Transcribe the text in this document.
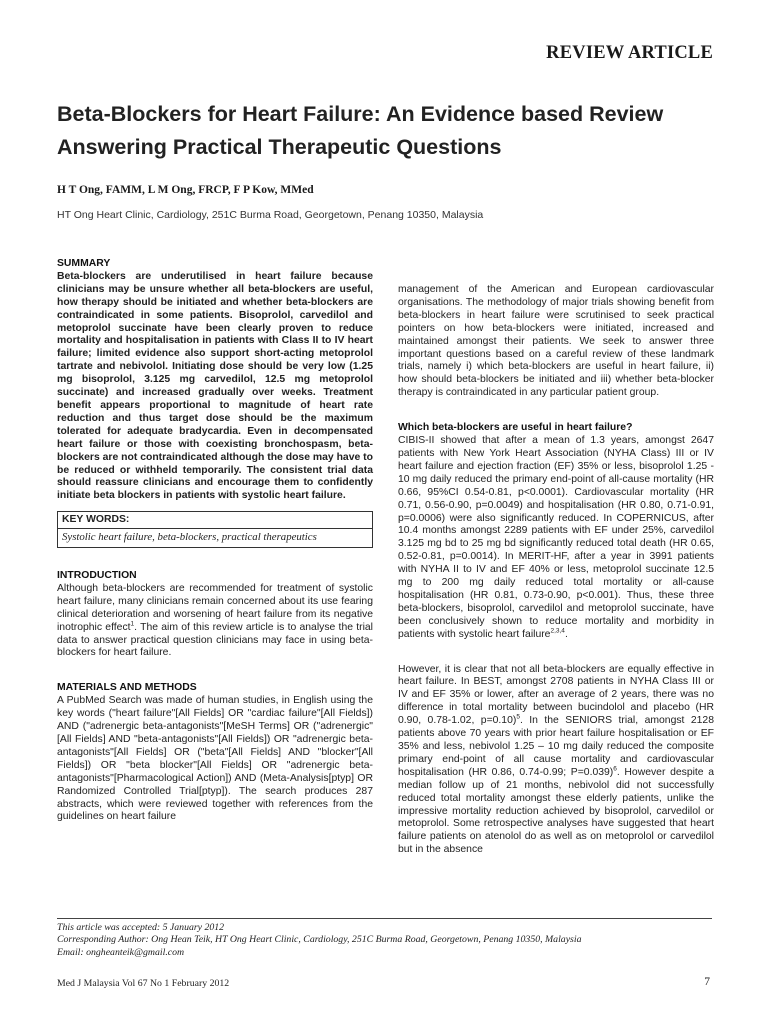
REVIEW ARTICLE
Beta-Blockers for Heart Failure: An Evidence based Review Answering Practical Therapeutic Questions
H T Ong, FAMM, L M Ong, FRCP, F P Kow, MMed
HT Ong Heart Clinic, Cardiology, 251C Burma Road, Georgetown, Penang 10350, Malaysia
SUMMARY

Beta-blockers are underutilised in heart failure because clinicians may be unsure whether all beta-blockers are useful, how therapy should be initiated and whether beta-blockers are contraindicated in some patients. Bisoprolol, carvedilol and metoprolol succinate have been clearly proven to reduce mortality and hospitalisation in patients with Class II to IV heart failure; limited evidence also support short-acting metoprolol tartrate and nebivolol. Initiating dose should be very low (1.25 mg bisoprolol, 3.125 mg carvedilol, 12.5 mg metoprolol succinate) and increased gradually over weeks. Treatment benefit appears proportional to magnitude of heart rate reduction and thus target dose should be the maximum tolerated for adequate bradycardia. Even in decompensated heart failure or those with coexisting bronchospasm, beta-blockers are not contraindicated although the dose may have to be reduced or withheld temporarily. The consistent trial data should reassure clinicians and encourage them to confidently initiate beta blockers in patients with systolic heart failure.

KEY WORDS:
Systolic heart failure, beta-blockers, practical therapeutics
INTRODUCTION

Although beta-blockers are recommended for treatment of systolic heart failure, many clinicians remain concerned about its use fearing clinical deterioration and worsening of heart failure from its negative inotrophic effect$^1$. The aim of this review article is to analyse the trial data to answer practical question clinicians may face in using beta-blockers for heart failure.

MATERIALS AND METHODS

A PubMed Search was made of human studies, in English using the key words ("heart failure"[All Fields] OR "cardiac failure"[All Fields]) AND ("adrenergic beta-antagonists"[MeSH Terms] OR ("adrenergic"[All Fields] AND "beta-antagonists"[All Fields]) OR "adrenergic beta-antagonists"[All Fields] OR ("beta"[All Fields] AND "blocker"[All Fields]) OR "beta blocker"[All Fields] OR "adrenergic beta-antagonists"[Pharmacological Action]) AND (Meta-Analysis[ptyp] OR Randomized Controlled Trial[ptyp]). The search produces 287 abstracts, which were reviewed together with references from the guidelines on heart failure

management of the American and European cardiovascular organisations. The methodology of major trials showing benefit from beta-blockers in heart failure were scrutinised to seek practical pointers on how beta-blockers were initiated, increased and maintained amongst their patients. We seek to answer three important questions based on a careful review of these landmark trials, namely i) which beta-blockers are useful in heart failure, ii) how should beta-blockers be initiated and iii) whether beta-blocker therapy is contraindicated in any particular patient group.

Which beta-blockers are useful in heart failure?

CIBIS-II showed that after a mean of 1.3 years, amongst 2647 patients with New York Heart Association (NYHA Class) III or IV heart failure and ejection fraction (EF) 35% or less, bisoprolol 1.25 - 10 mg daily reduced the primary end-point of all-cause mortality (HR 0.66, 95%CI 0.54-0.81, p<0.0001). Cardiovascular mortality (HR 0.71, 0.56-0.90, p=0.0049) and hospitalisation (HR 0.80, 0.71-0.91, p=0.0006) were also significantly reduced. In COPERNICUS, after 10.4 months amongst 2289 patients with EF under 25%, carvedilol 3.125 mg bd to 25 mg bd significantly reduced total death (HR 0.65, 0.52-0.81, p=0.0014). In MERIT-HF, after a year in 3991 patients with NYHA II to IV and EF 40% or less, metoprolol succinate 12.5 mg to 200 mg daily reduced total mortality or all-cause hospitalisation (HR 0.81, 0.73-0.90, p<0.001). Thus, these three beta-blockers, bisoprolol, carvedilol and metoprolol succinate, have been conclusively shown to reduce mortality and morbidity in patients with systolic heart failure$^{2,3,4}$.

However, it is clear that not all beta-blockers are equally effective in heart failure. In BEST, amongst 2708 patients in NYHA Class III or IV and EF 35% or lower, after an average of 2 years, there was no difference in total mortality between bucindolol and placebo (HR 0.90, 0.78-1.02, p=0.10)$^5$. In the SENIORS trial, amongst 2128 patients above 70 years with prior heart failure hospitalisation or EF 35% and less, nebivolol 1.25 – 10 mg daily reduced the composite primary end-point of all cause mortality and cardiovascular hospitalisation (HR 0.86, 0.74-0.99; P=0.039)$^6$. However despite a median follow up of 21 months, nebivolol did not successfully reduced total mortality amongst these elderly patients, unlike the impressive mortality reduction achieved by bisoprolol, carvedilol or metoprolol. Some retrospective analyses have suggested that heart failure patients on atenolol do as well as on metoprolol or carvedilol but in the absence

This article was accepted: 5 January 2012
Corresponding Author: Ong Hean Teik, HT Ong Heart Clinic, Cardiology, 251C Burma Road, Georgetown, Penang 10350, Malaysia
Email: ongheanteik@gmail.com
Med J Malaysia Vol 67 No 1 February 2012	7
